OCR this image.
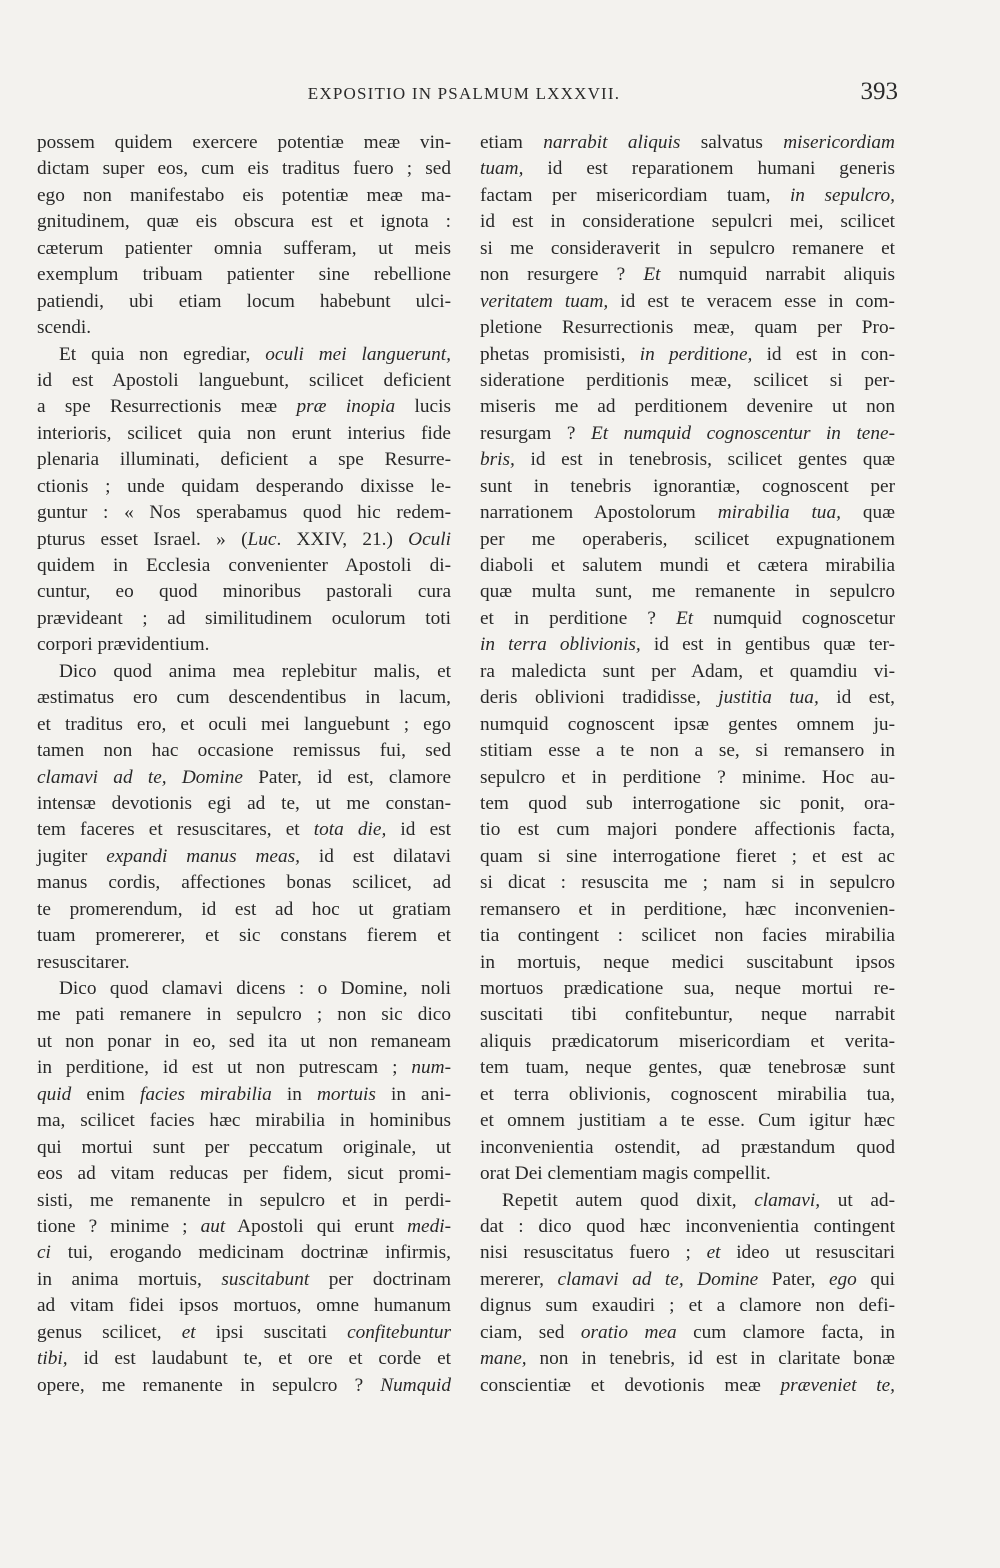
EXPOSITIO IN PSALMUM LXXXVII.	393
possem quidem exercere potentiæ meæ vin-
dictam super eos, cum eis traditus fuero ; sed
ego non manifestabo eis potentiæ meæ ma-
gnitudinem, quæ eis obscura est et ignota :
cæterum patienter omnia sufferam, ut meis
exemplum tribuam patienter sine rebellione
patiendi, ubi etiam locum habebunt ulci-
scendi.
Et quia non egrediar, oculi mei languerunt,
id est Apostoli languebunt, scilicet deficient
a spe Resurrectionis meæ præ inopia lucis
interioris, scilicet quia non erunt interius fide
plenaria illuminati, deficient a spe Resurre-
ctionis ; unde quidam desperando dixisse le-
guntur : « Nos sperabamus quod hic redem-
pturus esset Israel. » (Luc. XXIV, 21.) Oculi
quidem in Ecclesia convenienter Apostoli di-
cuntur, eo quod minoribus pastorali cura
prævideant ; ad similitudinem oculorum toti
corpori prævidentium.
Dico quod anima mea replebitur malis, et
æstimatus ero cum descendentibus in lacum,
et traditus ero, et oculi mei languebunt ; ego
tamen non hac occasione remissus fui, sed
clamavi ad te, Domine Pater, id est, clamore
intensæ devotionis egi ad te, ut me constan-
tem faceres et resuscitares, et tota die, id est
jugiter expandi manus meas, id est dilatavi
manus cordis, affectiones bonas scilicet, ad
te promerendum, id est ad hoc ut gratiam
tuam promererer, et sic constans fierem et
resuscitarer.
Dico quod clamavi dicens : o Domine, noli
me pati remanere in sepulcro ; non sic dico
ut non ponar in eo, sed ita ut non remaneam
in perditione, id est ut non putrescam ; num-
quid enim facies mirabilia in mortuis in ani-
ma, scilicet facies hæc mirabilia in hominibus
qui mortui sunt per peccatum originale, ut
eos ad vitam reducas per fidem, sicut promi-
sisti, me remanente in sepulcro et in perdi-
tione ? minime ; aut Apostoli qui erunt medi-
ci tui, erogando medicinam doctrinæ infirmis,
in anima mortuis, suscitabunt per doctrinam
ad vitam fidei ipsos mortuos, omne humanum
genus scilicet, et ipsi suscitati confitebuntur
tibi, id est laudabunt te, et ore et corde et
opere, me remanente in sepulcro ? Numquid
etiam narrabit aliquis salvatus misericordiam
tuam, id est reparationem humani generis
factam per misericordiam tuam, in sepulcro,
id est in consideratione sepulcri mei, scilicet
si me consideraverit in sepulcro remanere et
non resurgere ? Et numquid narrabit aliquis
veritatem tuam, id est te veracem esse in com-
pletione Resurrectionis meæ, quam per Pro-
phetas promisisti, in perditione, id est in con-
sideratione perditionis meæ, scilicet si per-
miseris me ad perditionem devenire ut non
resurgam ? Et numquid cognoscentur in tene-
bris, id est in tenebrosis, scilicet gentes quæ
sunt in tenebris ignorantiæ, cognoscent per
narrationem Apostolorum mirabilia tua, quæ
per me operaberis, scilicet expugnationem
diaboli et salutem mundi et cætera mirabilia
quæ multa sunt, me remanente in sepulcro
et in perditione ? Et numquid cognoscetur
in terra oblivionis, id est in gentibus quæ ter-
ra maledicta sunt per Adam, et quamdiu vi-
deris oblivioni tradidisse, justitia tua, id est,
numquid cognoscent ipsæ gentes omnem ju-
stitiam esse a te non a se, si remansero in
sepulcro et in perditione ? minime. Hoc au-
tem quod sub interrogatione sic ponit, ora-
tio est cum majori pondere affectionis facta,
quam si sine interrogatione fieret ; et est ac
si dicat : resuscita me ; nam si in sepulcro
remansero et in perditione, hæc inconvenien-
tia contingent : scilicet non facies mirabilia
in mortuis, neque medici suscitabunt ipsos
mortuos prædicatione sua, neque mortui re-
suscitati tibi confitebuntur, neque narrabit
aliquis prædicatorum misericordiam et verita-
tem tuam, neque gentes, quæ tenebrosæ sunt
et terra oblivionis, cognoscent mirabilia tua,
et omnem justitiam a te esse. Cum igitur hæc
inconvenientia ostendit, ad præstandum quod
orat Dei clementiam magis compellit.
Repetit autem quod dixit, clamavi, ut ad-
dat : dico quod hæc inconvenientia contingent
nisi resuscitatus fuero ; et ideo ut resuscitari
mererer, clamavi ad te, Domine Pater, ego qui
dignus sum exaudiri ; et a clamore non defi-
ciam, sed oratio mea cum clamore facta, in
mane, non in tenebris, id est in claritate bonæ
conscientiæ et devotionis meæ præveniet te,
